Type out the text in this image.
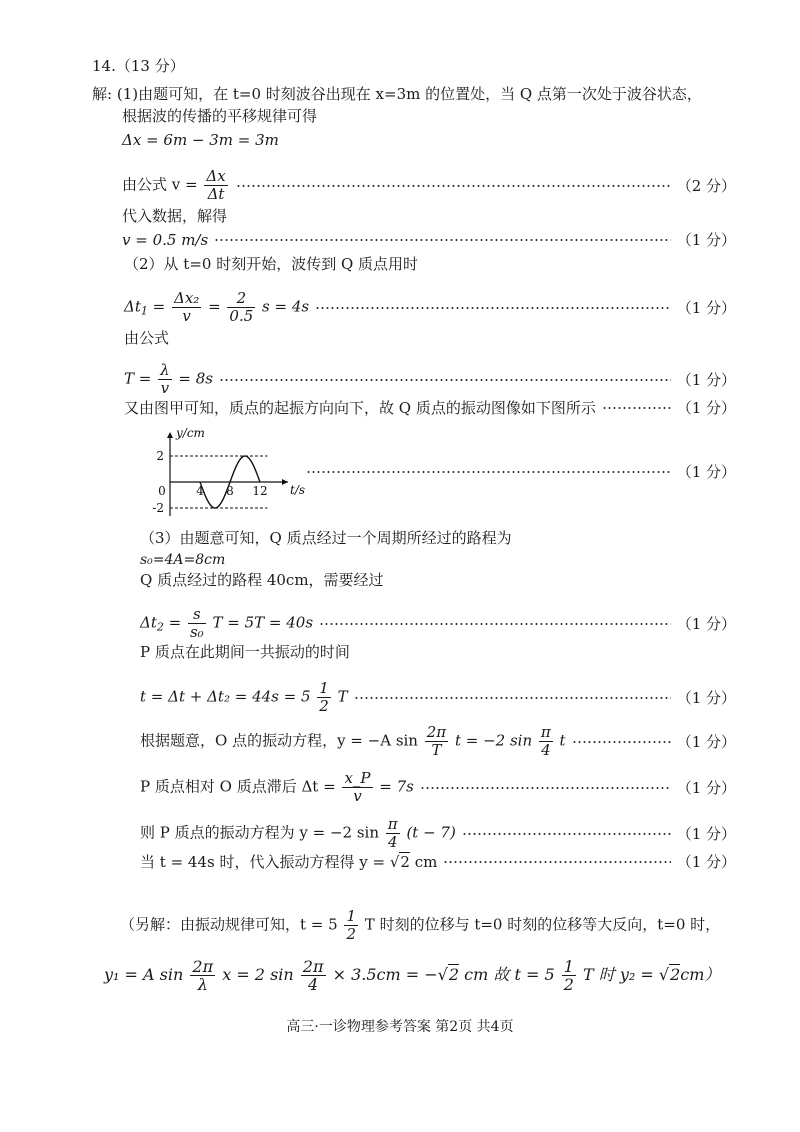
14.（13 分）
解: (1)由题可知，在 t=0 时刻波谷出现在 x=3m 的位置处，当 Q 点第一次处于波谷状态，
根据波的传播的平移规律可得
Δx = 6m − 3m = 3m
由公式 $v = \frac{\Delta x}{\Delta t}$	（2 分）
代入数据，解得
v = 0.5 m/s	（1 分）
（2）从 t=0 时刻开始，波传到 Q 质点用时
$\Delta t_1 = \frac{\text{Δx₂}}{v} = \frac{2}{0.5}$ s = 4s	（1 分）
由公式
$T = \frac{\lambda}{v} = 8s$	（1 分）
又由图甲可知，质点的起振方向向下，故 Q 质点的振动图像如下图所示	（1 分）
y/cm
t/s
0	4 8 12
2
-2
（1 分）
（3）由题意可知，Q 质点经过一个周期所经过的路程为
s₀=4A=8cm
Q 质点经过的路程 40cm，需要经过
$\Delta t_2 = \frac{s}{\text{s₀}}$ T = 5T = 40s	（1 分）
P 质点在此期间一共振动的时间
$t = \Delta t + \Delta t_2 = 44s = 5 \frac{1}{2}$ T	（1 分）
根据题意，O 点的振动方程，y = −A $\sin \frac{2\pi}{T}$ t = −2 $\sin \frac{\pi}{4}$ t	（1 分）
P 质点相对 O 质点滞后 $\Delta t = \frac{x\_P}{v} = 7s$	（1 分）
则 P 质点的振动方程为 y = −2 $\sin \frac{\pi}{4} (t - 7)$	（1 分）
当 t = 44s 时，代入振动方程得 y = √2 cm	（1 分）
（另解：由振动规律可知，$t = 5 \frac{1}{2}$ T 时刻的位移与 t=0 时刻的位移等大反向，t=0 时，
y₁ = A $\sin \frac{2\pi}{\lambda}$ x = 2 $\sin \frac{2\pi}{4} \times 3.5cm = -√2$ cm 故 $t = 5 \frac{1}{2}$ T 时 y₂ = √2cm）
高三·一诊物理参考答案 第2页 共4页
